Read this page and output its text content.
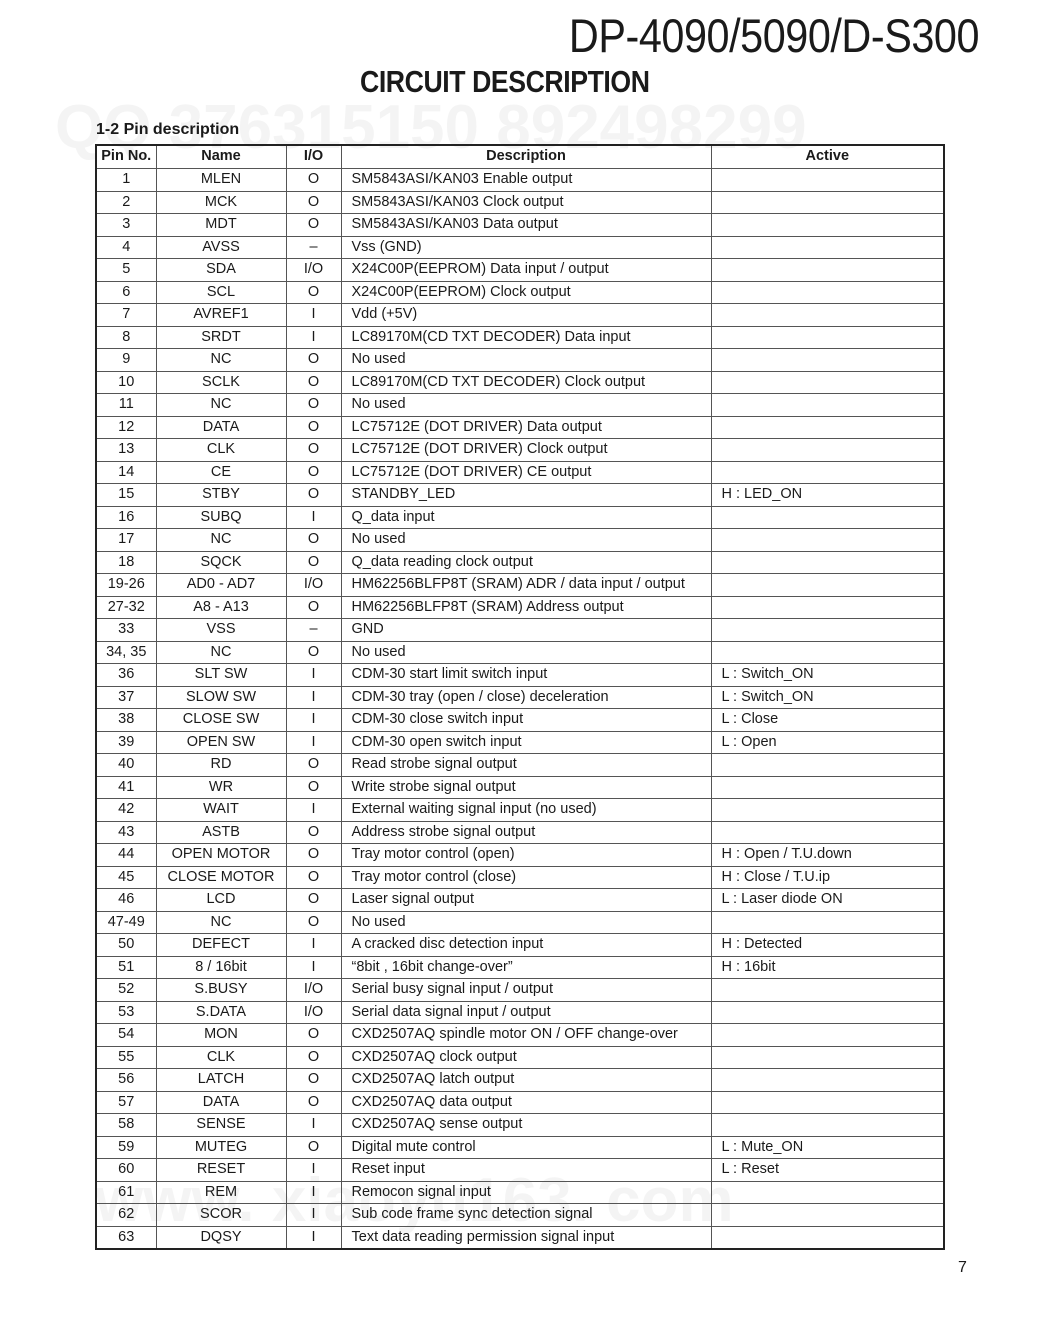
DP-4090/5090/D-S300
CIRCUIT DESCRIPTION
1-2 Pin description
Pin No.	Name	I/O	Description	Active
1	MLEN	O	SM5843ASI/KAN03 Enable output	
2	MCK	O	SM5843ASI/KAN03 Clock output	
3	MDT	O	SM5843ASI/KAN03 Data output	
4	AVSS	–	Vss (GND)	
5	SDA	I/O	X24C00P(EEPROM) Data input / output	
6	SCL	O	X24C00P(EEPROM) Clock output	
7	AVREF1	I	Vdd (+5V)	
8	SRDT	I	LC89170M(CD TXT DECODER) Data input	
9	NC	O	No used	
10	SCLK	O	LC89170M(CD TXT DECODER) Clock output	
11	NC	O	No used	
12	DATA	O	LC75712E (DOT DRIVER) Data output	
13	CLK	O	LC75712E (DOT DRIVER) Clock output	
14	CE	O	LC75712E (DOT DRIVER) CE output	
15	STBY	O	STANDBY_LED	H : LED_ON
16	SUBQ	I	Q_data input	
17	NC	O	No used	
18	SQCK	O	Q_data reading clock output	
19-26	AD0 - AD7	I/O	HM62256BLFP8T (SRAM) ADR / data input / output	
27-32	A8 - A13	O	HM62256BLFP8T (SRAM) Address output	
33	VSS	–	GND	
34, 35	NC	O	No used	
36	SLT SW	I	CDM-30 start limit switch input	L : Switch_ON
37	SLOW SW	I	CDM-30 tray (open / close) deceleration	L : Switch_ON
38	CLOSE SW	I	CDM-30 close switch input	L : Close
39	OPEN SW	I	CDM-30 open switch input	L : Open
40	RD	O	Read strobe signal output	
41	WR	O	Write strobe signal output	
42	WAIT	I	External waiting signal input (no used)	
43	ASTB	O	Address strobe signal output	
44	OPEN MOTOR	O	Tray motor control (open)	H : Open / T.U.down
45	CLOSE MOTOR	O	Tray motor control (close)	H : Close / T.U.ip
46	LCD	O	Laser signal output	L : Laser diode ON
47-49	NC	O	No used	
50	DEFECT	I	A cracked disc detection input	H : Detected
51	8 / 16bit	I	“8bit , 16bit change-over”	H : 16bit
52	S.BUSY	I/O	Serial busy signal input / output	
53	S.DATA	I/O	Serial data signal input / output	
54	MON	O	CXD2507AQ spindle motor ON / OFF change-over	
55	CLK	O	CXD2507AQ clock output	
56	LATCH	O	CXD2507AQ latch output	
57	DATA	O	CXD2507AQ data output	
58	SENSE	I	CXD2507AQ sense output	
59	MUTEG	O	Digital mute control	L : Mute_ON
60	RESET	I	Reset input	L : Reset
61	REM	I	Remocon signal input	
62	SCOR	I	Sub code frame sync detection signal	
63	DQSY	I	Text data reading permission signal input	
7
